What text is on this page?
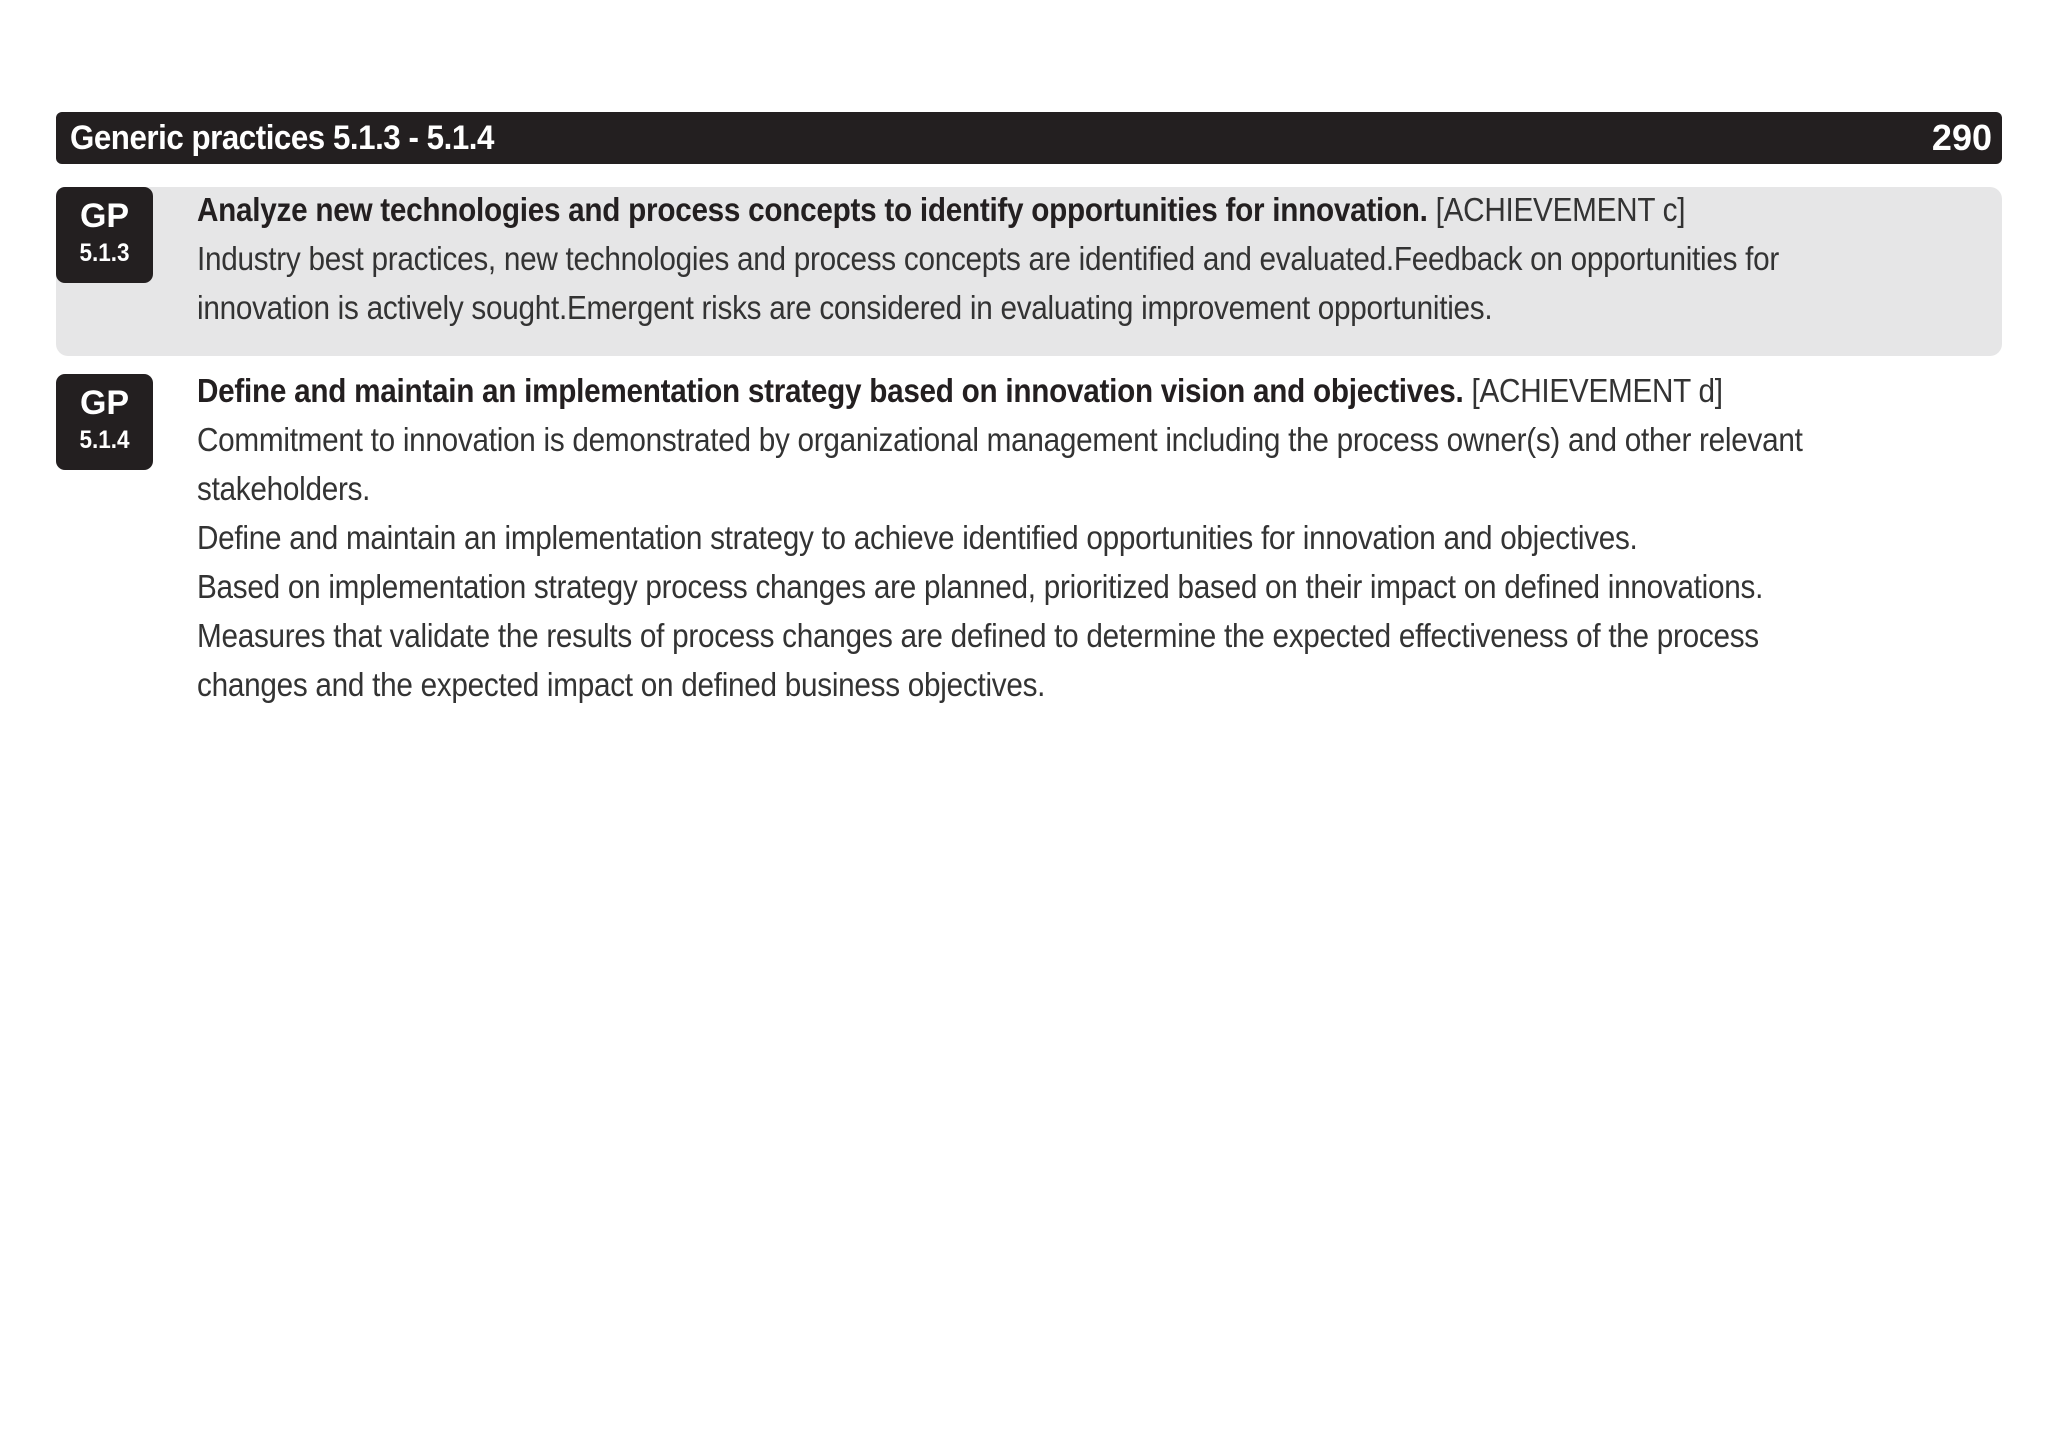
Generic practices 5.1.3 - 5.1.4	290
GP
5.1.3
Analyze new technologies and process concepts to identify opportunities for innovation. [ACHIEVEMENT c]
Industry best practices, new technologies and process concepts are identified and evaluated.Feedback on opportunities for
innovation is actively sought.Emergent risks are considered in evaluating improvement opportunities.
GP
5.1.4
Define and maintain an implementation strategy based on innovation vision and objectives. [ACHIEVEMENT d]
Commitment to innovation is demonstrated by organizational management including the process owner(s) and other relevant
stakeholders.
Define and maintain an implementation strategy to achieve identified opportunities for innovation and objectives.
Based on implementation strategy process changes are planned, prioritized based on their impact on defined innovations.
Measures that validate the results of process changes are defined to determine the expected effectiveness of the process
changes and the expected impact on defined business objectives.
